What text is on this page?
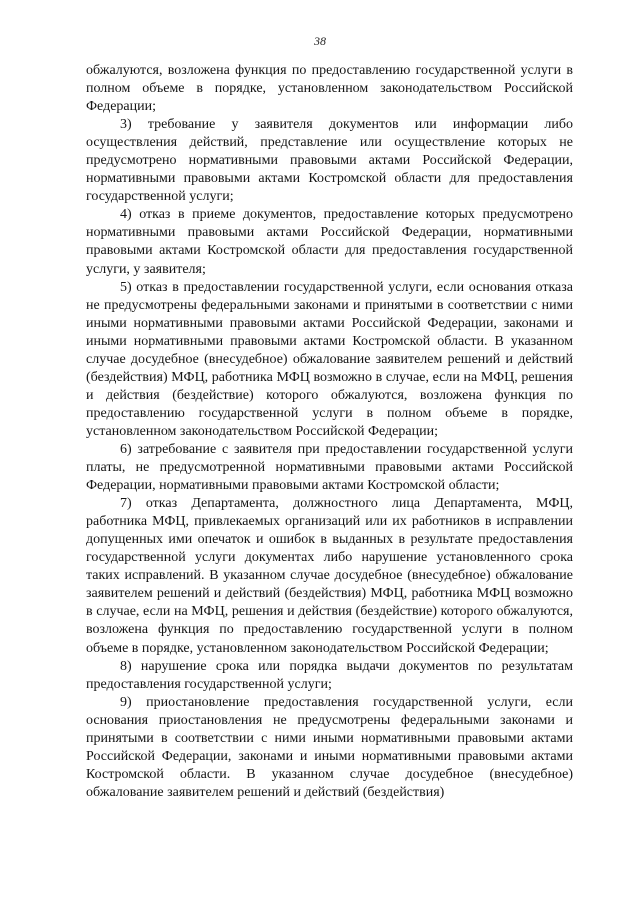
38

обжалуются, возложена функция по предоставлению государственной услуги в полном объеме в порядке, установленном законодательством Российской Федерации;

3) требование у заявителя документов или информации либо осуществления действий, представление или осуществление которых не предусмотрено нормативными правовыми актами Российской Федерации, нормативными правовыми актами Костромской области для предоставления государственной услуги;

4) отказ в приеме документов, предоставление которых предусмотрено нормативными правовыми актами Российской Федерации, нормативными правовыми актами Костромской области для предоставления государственной услуги, у заявителя;

5) отказ в предоставлении государственной услуги, если основания отказа не предусмотрены федеральными законами и принятыми в соответствии с ними иными нормативными правовыми актами Российской Федерации, законами и иными нормативными правовыми актами Костромской области. В указанном случае досудебное (внесудебное) обжалование заявителем решений и действий (бездействия) МФЦ, работника МФЦ возможно в случае, если на МФЦ, решения и действия (бездействие) которого обжалуются, возложена функция по предоставлению государственной услуги в полном объеме в порядке, установленном законодательством Российской Федерации;

6) затребование с заявителя при предоставлении государственной услуги платы, не предусмотренной нормативными правовыми актами Российской Федерации, нормативными правовыми актами Костромской области;

7) отказ Департамента, должностного лица Департамента, МФЦ, работника МФЦ, привлекаемых организаций или их работников в исправлении допущенных ими опечаток и ошибок в выданных в результате предоставления государственной услуги документах либо нарушение установленного срока таких исправлений. В указанном случае досудебное (внесудебное) обжалование заявителем решений и действий (бездействия) МФЦ, работника МФЦ возможно в случае, если на МФЦ, решения и действия (бездействие) которого обжалуются, возложена функция по предоставлению государственной услуги в полном объеме в порядке, установленном законодательством Российской Федерации;

8) нарушение срока или порядка выдачи документов по результатам предоставления государственной услуги;

9) приостановление предоставления государственной услуги, если основания приостановления не предусмотрены федеральными законами и принятыми в соответствии с ними иными нормативными правовыми актами Российской Федерации, законами и иными нормативными правовыми актами Костромской области. В указанном случае досудебное (внесудебное) обжалование заявителем решений и действий (бездействия)
